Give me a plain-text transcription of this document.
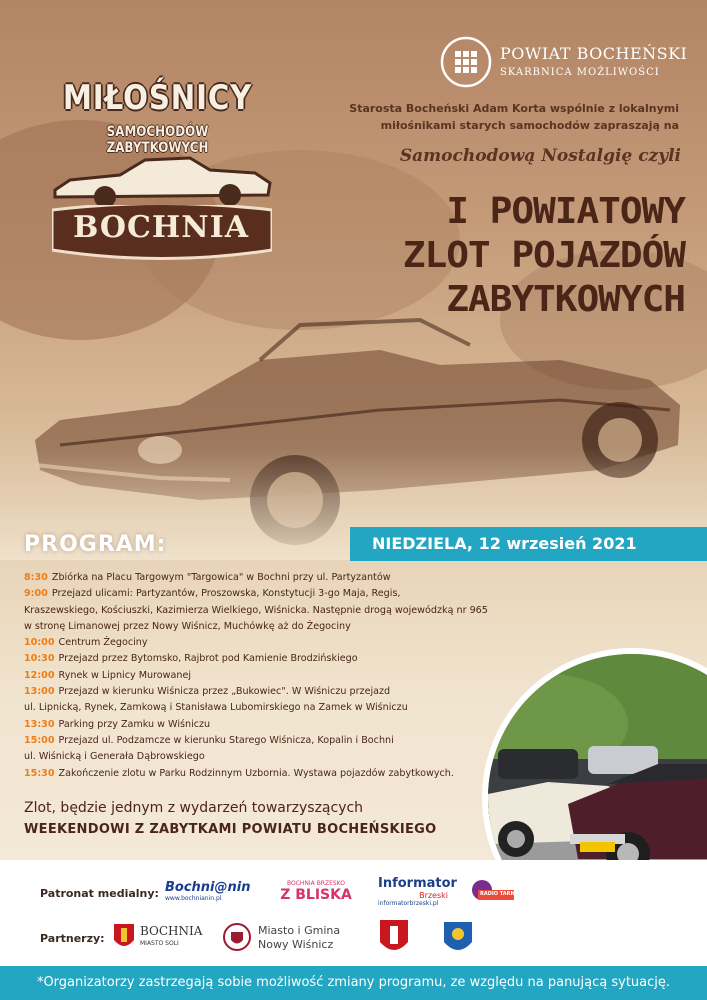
MIŁOŚNICY
SAMOCHODÓW ZABYTKOWYCH
BOCHNIA
POWIAT BOCHEŃSKI
SKARBNICA MOŻLIWOŚCI
Starosta Bocheński Adam Korta wspólnie z lokalnymi
miłośnikami starych samochodów zapraszają na
Samochodową Nostalgię czyli
I POWIATOWY
ZLOT POJAZDÓW
ZABYTKOWYCH
PROGRAM:	NIEDZIELA, 12 wrzesień 2021
8:30 Zbiórka na Placu Targowym "Targowica" w Bochni przy ul. Partyzantów
9:00 Przejazd ulicami: Partyzantów, Proszowska, Konstytucji 3-go Maja, Regis,
Kraszewskiego, Kościuszki, Kazimierza Wielkiego, Wiśnicka. Następnie drogą wojewódzką nr 965
w stronę Limanowej przez Nowy Wiśnicz, Muchówkę aż do Żegociny
10:00 Centrum Żegociny
10:30 Przejazd przez Bytomsko, Rajbrot pod Kamienie Brodzińskiego
12:00 Rynek w Lipnicy Murowanej
13:00 Przejazd w kierunku Wiśnicza przez „Bukowiec". W Wiśniczu przejazd
ul. Lipnicką, Rynek, Zamkową i Stanisława Lubomirskiego na Zamek w Wiśniczu
13:30 Parking przy Zamku w Wiśniczu
15:00 Przejazd ul. Podzamcze w kierunku Starego Wiśnicza, Kopalin i Bochni
ul. Wiśnicką i Generała Dąbrowskiego
15:30 Zakończenie zlotu w Parku Rodzinnym Uzbornia. Wystawa pojazdów zabytkowych.
Zlot, będzie jednym z wydarzeń towarzyszących
WEEKENDOWI Z ZABYTKAMI POWIATU BOCHEŃSKIEGO
Patronat medialny:
Partnerzy:
Bochni@nin
www.bochnianin.pl
BOCHNIA BRZESKO
Z BLISKA
Informator
Brzeski
informatorbrzeski.pl
RADIO TARNÓW
BOCHNIA
MIASTO SOLI
Miasto i Gmina
Nowy Wiśnicz
*Organizatorzy zastrzegają sobie możliwość zmiany programu, ze względu na panującą sytuację.
